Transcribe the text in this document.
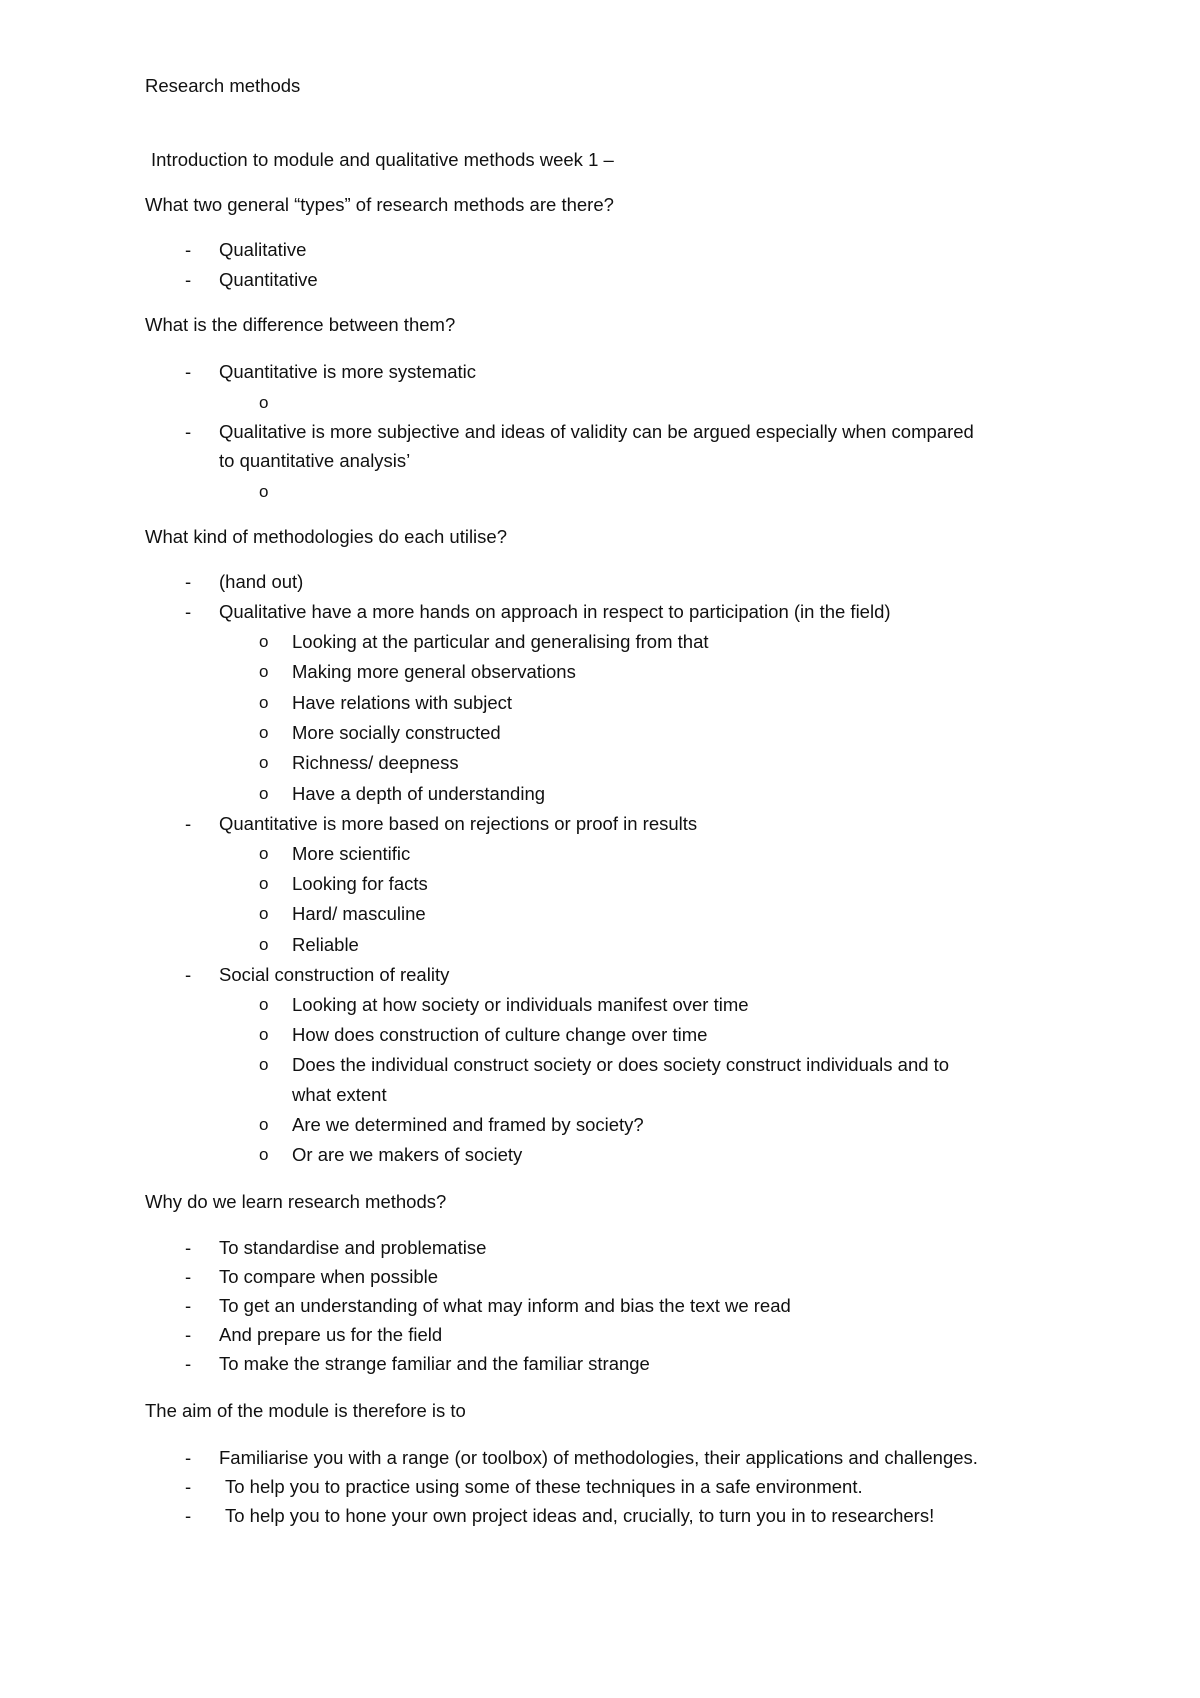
Research methods
Introduction to module and qualitative methods week 1 –
What two general “types” of research methods are there?
- Qualitative
- Quantitative
What is the difference between them?
- Quantitative is more systematic
o
- Qualitative is more subjective and ideas of validity can be argued especially when compared
to quantitative analysis’
o
What kind of methodologies do each utilise?
- (hand out)
- Qualitative have a more hands on approach in respect to participation (in the field)
o Looking at the particular and generalising from that
o Making more general observations
o Have relations with subject
o More socially constructed
o Richness/ deepness
o Have a depth of understanding
- Quantitative is more based on rejections or proof in results
o More scientific
o Looking for facts
o Hard/ masculine
o Reliable
- Social construction of reality
o Looking at how society or individuals manifest over time
o How does construction of culture change over time
o Does the individual construct society or does society construct individuals and to
what extent
o Are we determined and framed by society?
o Or are we makers of society
Why do we learn research methods?
- To standardise and problematise
- To compare when possible
- To get an understanding of what may inform and bias the text we read
- And prepare us for the field
- To make the strange familiar and the familiar strange
The aim of the module is therefore is to
- Familiarise you with a range (or toolbox) of methodologies, their applications and challenges.
- To help you to practice using some of these techniques in a safe environment.
- To help you to hone your own project ideas and, crucially, to turn you in to researchers!
